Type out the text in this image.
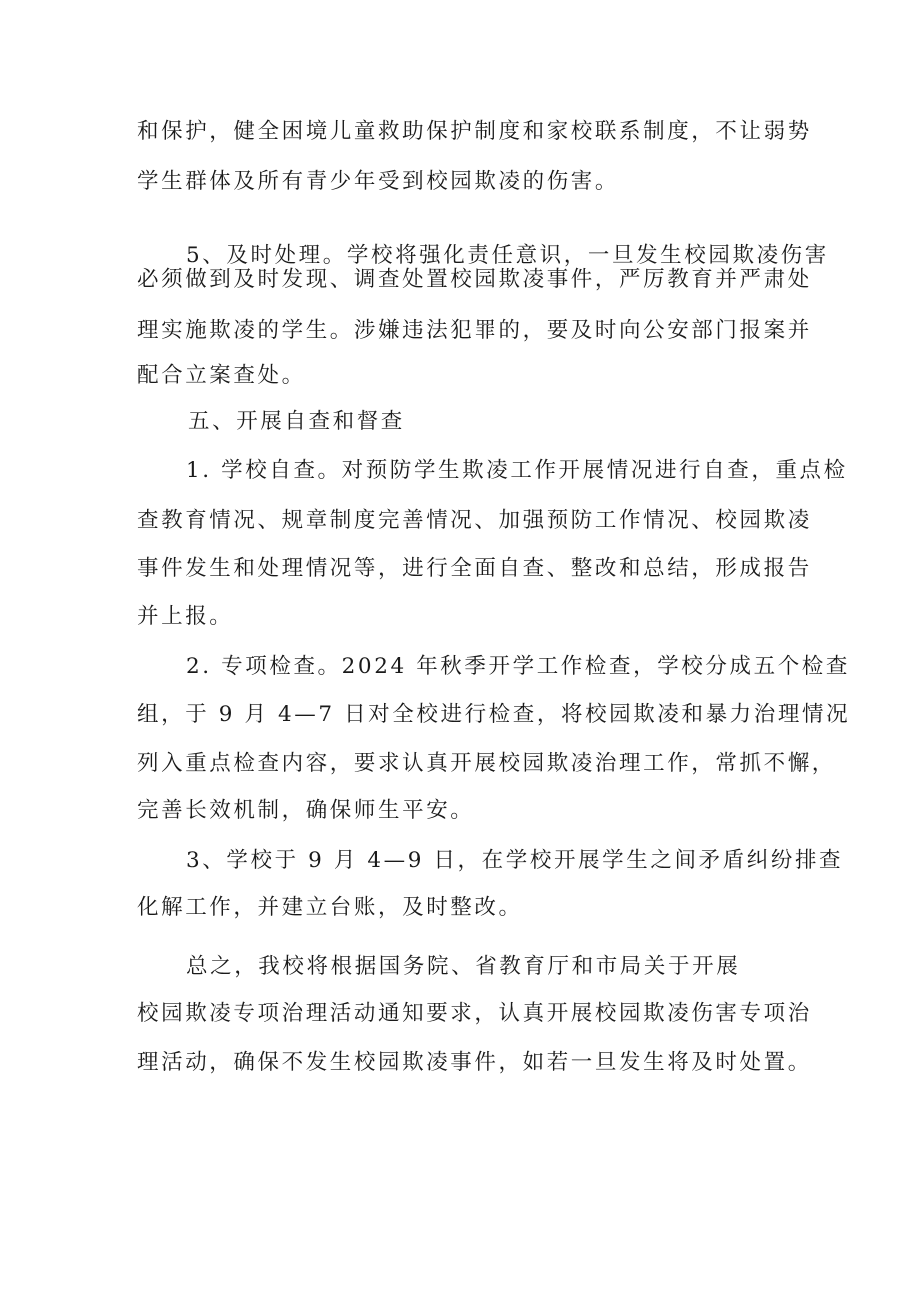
和保护，健全困境儿童救助保护制度和家校联系制度，不让弱势
学生群体及所有青少年受到校园欺凌的伤害。
5、及时处理。学校将强化责任意识，一旦发生校园欺凌伤害
必须做到及时发现、调查处置校园欺凌事件，严厉教育并严肃处
理实施欺凌的学生。涉嫌违法犯罪的，要及时向公安部门报案并
配合立案查处。
五、开展自查和督查
1. 学校自查。对预防学生欺凌工作开展情况进行自查，重点检
查教育情况、规章制度完善情况、加强预防工作情况、校园欺凌
事件发生和处理情况等，进行全面自查、整改和总结，形成报告
并上报。
2. 专项检查。2024 年秋季开学工作检查，学校分成五个检查
组，于 9 月 4—7 日对全校进行检查，将校园欺凌和暴力治理情况
列入重点检查内容，要求认真开展校园欺凌治理工作，常抓不懈，
完善长效机制，确保师生平安。
3、学校于 9 月 4—9 日，在学校开展学生之间矛盾纠纷排查
化解工作，并建立台账，及时整改。
总之，我校将根据国务院、省教育厅和市局关于开展
校园欺凌专项治理活动通知要求，认真开展校园欺凌伤害专项治
理活动，确保不发生校园欺凌事件，如若一旦发生将及时处置。
